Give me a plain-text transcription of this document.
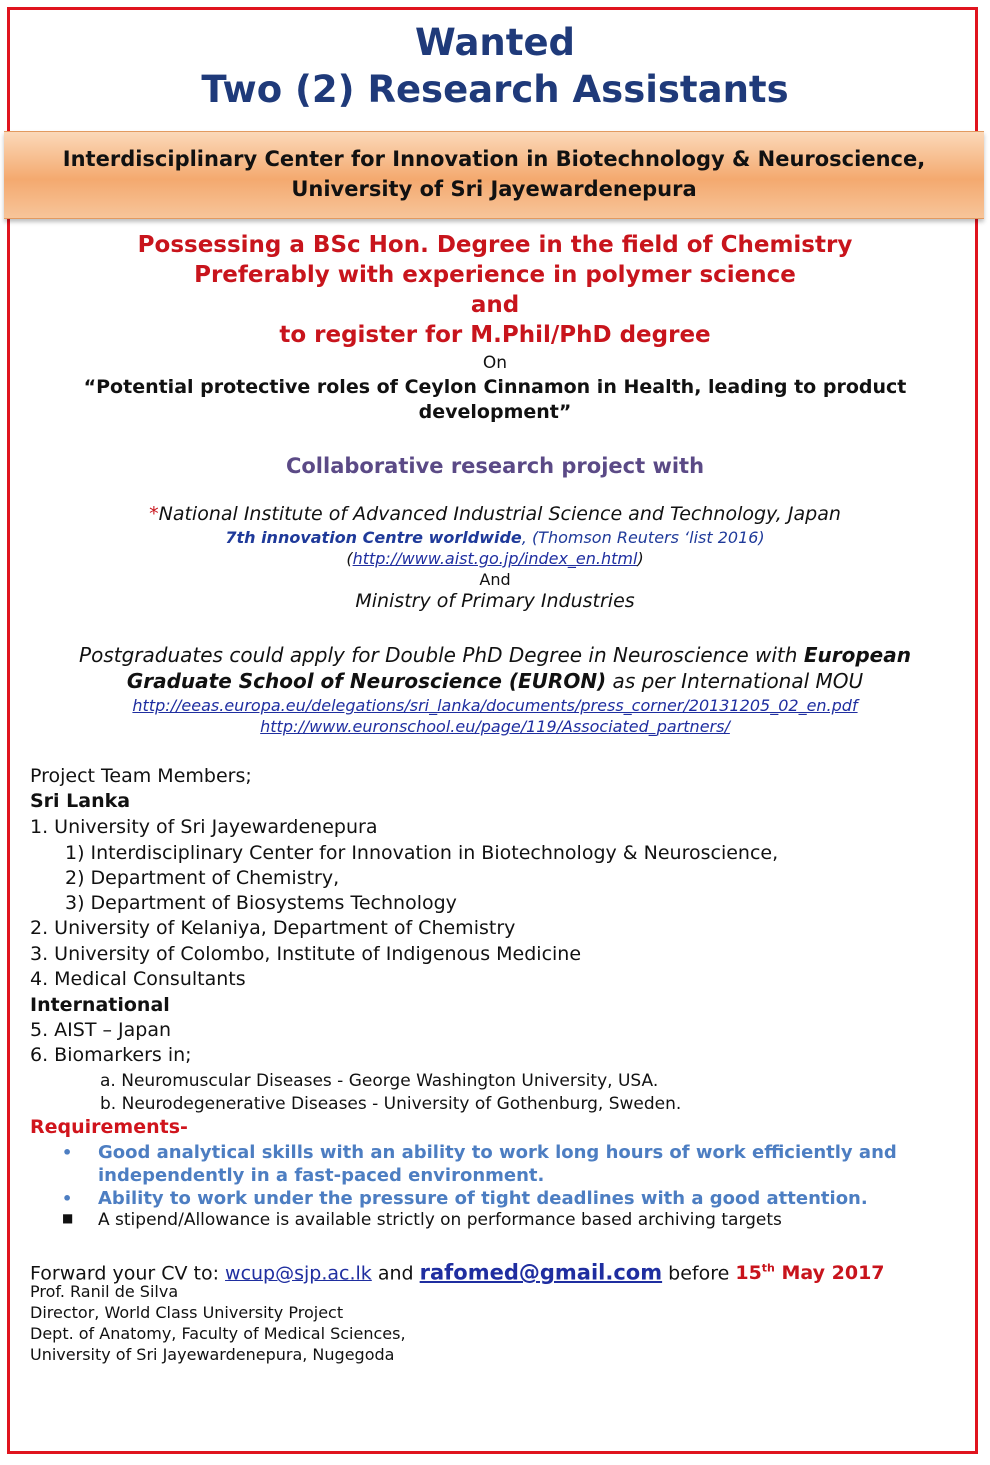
Wanted
Two (2) Research Assistants
Interdisciplinary Center for Innovation in Biotechnology & Neuroscience,
University of Sri Jayewardenepura
Possessing a BSc Hon. Degree in the field of Chemistry
Preferably with experience in polymer science
and
to register for M.Phil/PhD degree
On
“Potential protective roles of Ceylon Cinnamon in Health, leading to product
development”
Collaborative research project with
*National Institute of Advanced Industrial Science and Technology, Japan
7th innovation Centre worldwide, (Thomson Reuters ‘list 2016)
(http://www.aist.go.jp/index_en.html)
And
Ministry of Primary Industries
Postgraduates could apply for Double PhD Degree in Neuroscience with European
Graduate School of Neuroscience (EURON) as per International MOU
http://eeas.europa.eu/delegations/sri_lanka/documents/press_corner/20131205_02_en.pdf
http://www.euronschool.eu/page/119/Associated_partners/
Project Team Members;
Sri Lanka
1. University of Sri Jayewardenepura
1) Interdisciplinary Center for Innovation in Biotechnology & Neuroscience,
2) Department of Chemistry,
3) Department of Biosystems Technology
2. University of Kelaniya, Department of Chemistry
3. University of Colombo, Institute of Indigenous Medicine
4. Medical Consultants
International
5. AIST – Japan
6. Biomarkers in;
a. Neuromuscular Diseases - George Washington University, USA.
b. Neurodegenerative Diseases - University of Gothenburg, Sweden.
Requirements-
• Good analytical skills with an ability to work long hours of work efficiently and
independently in a fast-paced environment.
• Ability to work under the pressure of tight deadlines with a good attention.
■ A stipend/Allowance is available strictly on performance based archiving targets
Forward your CV to: wcup@sjp.ac.lk and rafomed@gmail.com before 15th May 2017
Prof. Ranil de Silva
Director, World Class University Project
Dept. of Anatomy, Faculty of Medical Sciences,
University of Sri Jayewardenepura, Nugegoda
